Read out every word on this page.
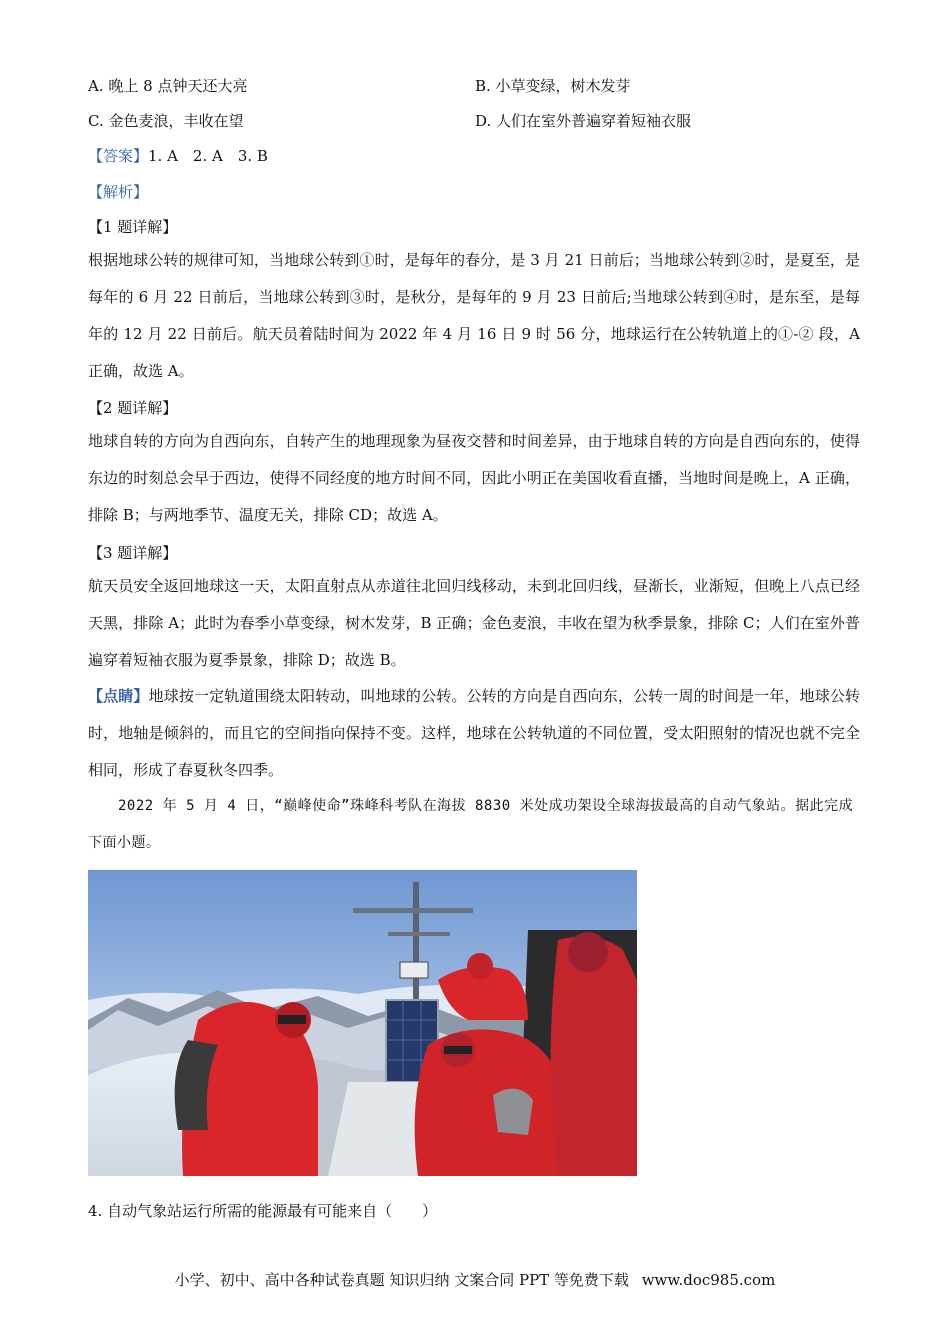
A. 晚上 8 点钟天还大亮	B. 小草变绿，树木发芽
C. 金色麦浪，丰收在望	D. 人们在室外普遍穿着短袖衣服
【答案】1. A　2. A　3. B
【解析】
【1 题详解】
根据地球公转的规律可知，当地球公转到①时，是每年的春分，是 3 月 21 日前后；当地球公转到②时，是夏至，是每年的 6 月 22 日前后，当地球公转到③时，是秋分，是每年的 9 月 23 日前后;当地球公转到④时，是东至，是每年的 12 月 22 日前后。航天员着陆时间为 2022 年 4 月 16 日 9 时 56 分，地球运行在公转轨道上的①-② 段，A 正确，故选 A。
【2 题详解】
地球自转的方向为自西向东，自转产生的地理现象为昼夜交替和时间差异，由于地球自转的方向是自西向东的，使得东边的时刻总会早于西边，使得不同经度的地方时间不同，因此小明正在美国收看直播，当地时间是晚上，A 正确，排除 B；与两地季节、温度无关，排除 CD；故选 A。
【3 题详解】
航天员安全返回地球这一天，太阳直射点从赤道往北回归线移动，未到北回归线，昼渐长，业渐短，但晚上八点已经天黑，排除 A；此时为春季小草变绿，树木发芽，B 正确；金色麦浪，丰收在望为秋季景象，排除 C；人们在室外普遍穿着短袖衣服为夏季景象，排除 D；故选 B。
【点睛】地球按一定轨道围绕太阳转动，叫地球的公转。公转的方向是自西向东，公转一周的时间是一年，地球公转时，地轴是倾斜的，而且它的空间指向保持不变。这样，地球在公转轨道的不同位置，受太阳照射的情况也就不完全相同，形成了春夏秋冬四季。
2022 年 5 月 4 日，“巅峰使命”珠峰科考队在海拔 8830 米处成功架设全球海拔最高的自动气象站。据此完成下面小题。
4. 自动气象站运行所需的能源最有可能来自（　　）
小学、初中、高中各种试卷真题 知识归纳 文案合同 PPT 等免费下载 www.doc985.com
